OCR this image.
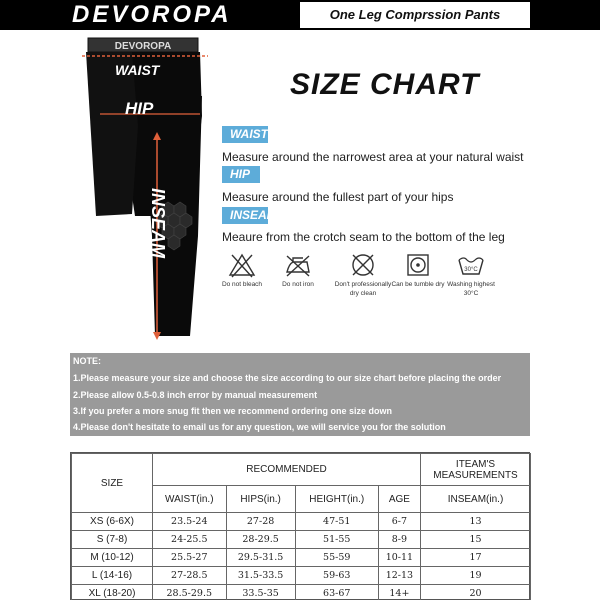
DEVOROPA	One Leg Comprssion Pants
DEVOROPA
WAIST
HIP
INSEAM
SIZE CHART
WAIST
Measure around the narrowest area at your natural waist
HIP
Measure around the fullest part of your hips
INSEAM
Meaure from the crotch seam to the bottom of the leg
Do not bleach	Do not iron	Don't professionally dry clean
Can be tumble dry
30°C
Washing highest 30°C
NOTE:
1.Please measure your size and choose the size according to our size chart before placing the order
2.Please allow 0.5-0.8 inch error by manual measurement
3.If you prefer a more snug fit then we recommend ordering one size down
4.Please don't hesitate to email us for any question, we will service you for the solution
SIZE	RECOMMENDED				ITEAM'S MEASUREMENTS
	WAIST(in.)	HIPS(in.)	HEIGHT(in.)	AGE	INSEAM(in.)
XS (6-6X)	23.5-24	27-28	47-51	6-7	13
S (7-8)	24-25.5	28-29.5	51-55	8-9	15
M (10-12)	25.5-27	29.5-31.5	55-59	10-11	17
L (14-16)	27-28.5	31.5-33.5	59-63	12-13	19
XL (18-20)	28.5-29.5	33.5-35	63-67	14+	20
